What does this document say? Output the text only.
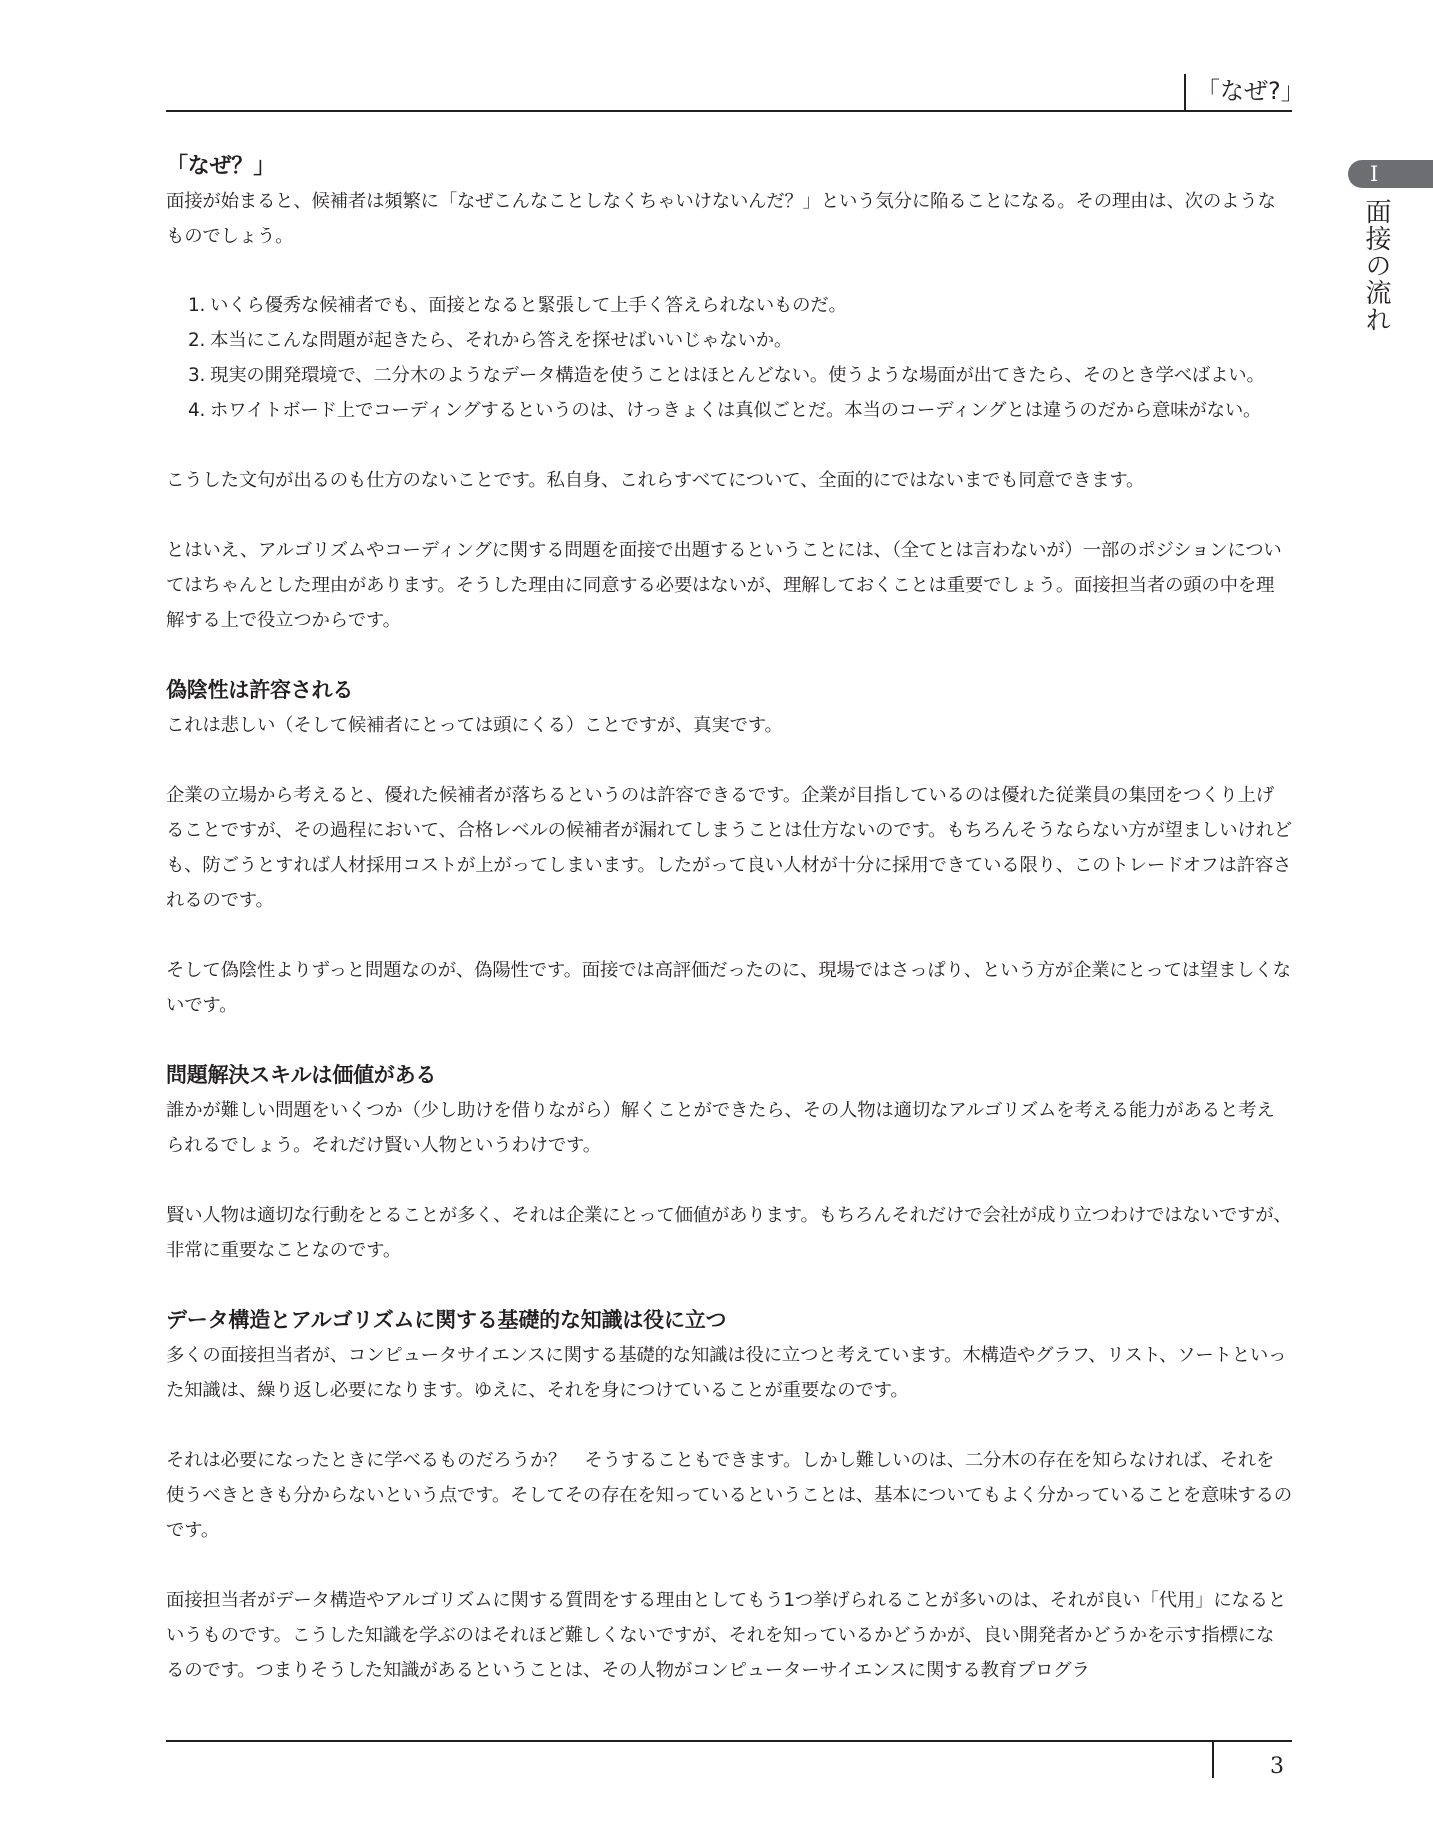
「なぜ?」
I
面接の流れ
「なぜ？」

面接が始まると、候補者は頻繁に「なぜこんなことしなくちゃいけないんだ？」という気分に陥ることになる。その理由は、次のようなものでしょう。

1. いくら優秀な候補者でも、面接となると緊張して上手く答えられないものだ。
2. 本当にこんな問題が起きたら、それから答えを探せばいいじゃないか。
3. 現実の開発環境で、二分木のようなデータ構造を使うことはほとんどない。使うような場面が出てきたら、そのとき学べばよい。
4. ホワイトボード上でコーディングするというのは、けっきょくは真似ごとだ。本当のコーディングとは違うのだから意味がない。

こうした文句が出るのも仕方のないことです。私自身、これらすべてについて、全面的にではないまでも同意できます。

とはいえ、アルゴリズムやコーディングに関する問題を面接で出題するということには、（全てとは言わないが）一部のポジションについてはちゃんとした理由があります。そうした理由に同意する必要はないが、理解しておくことは重要でしょう。面接担当者の頭の中を理解する上で役立つからです。

偽陰性は許容される

これは悲しい（そして候補者にとっては頭にくる）ことですが、真実です。

企業の立場から考えると、優れた候補者が落ちるというのは許容できるです。企業が目指しているのは優れた従業員の集団をつくり上げることですが、その過程において、合格レベルの候補者が漏れてしまうことは仕方ないのです。もちろんそうならない方が望ましいけれども、防ごうとすれば人材採用コストが上がってしまいます。したがって良い人材が十分に採用できている限り、このトレードオフは許容されるのです。

そして偽陰性よりずっと問題なのが、偽陽性です。面接では高評価だったのに、現場ではさっぱり、という方が企業にとっては望ましくないです。

問題解決スキルは価値がある

誰かが難しい問題をいくつか（少し助けを借りながら）解くことができたら、その人物は適切なアルゴリズムを考える能力があると考えられるでしょう。それだけ賢い人物というわけです。

賢い人物は適切な行動をとることが多く、それは企業にとって価値があります。もちろんそれだけで会社が成り立つわけではないですが、非常に重要なことなのです。

データ構造とアルゴリズムに関する基礎的な知識は役に立つ

多くの面接担当者が、コンピュータサイエンスに関する基礎的な知識は役に立つと考えています。木構造やグラフ、リスト、ソートといった知識は、繰り返し必要になります。ゆえに、それを身につけていることが重要なのです。

それは必要になったときに学べるものだろうか？　そうすることもできます。しかし難しいのは、二分木の存在を知らなければ、それを使うべきときも分からないという点です。そしてその存在を知っているということは、基本についてもよく分かっていることを意味するのです。

面接担当者がデータ構造やアルゴリズムに関する質問をする理由としてもう1つ挙げられることが多いのは、それが良い「代用」になるというものです。こうした知識を学ぶのはそれほど難しくないですが、それを知っているかどうかが、良い開発者かどうかを示す指標になるのです。つまりそうした知識があるということは、その人物がコンピューターサイエンスに関する教育プログラ

3
